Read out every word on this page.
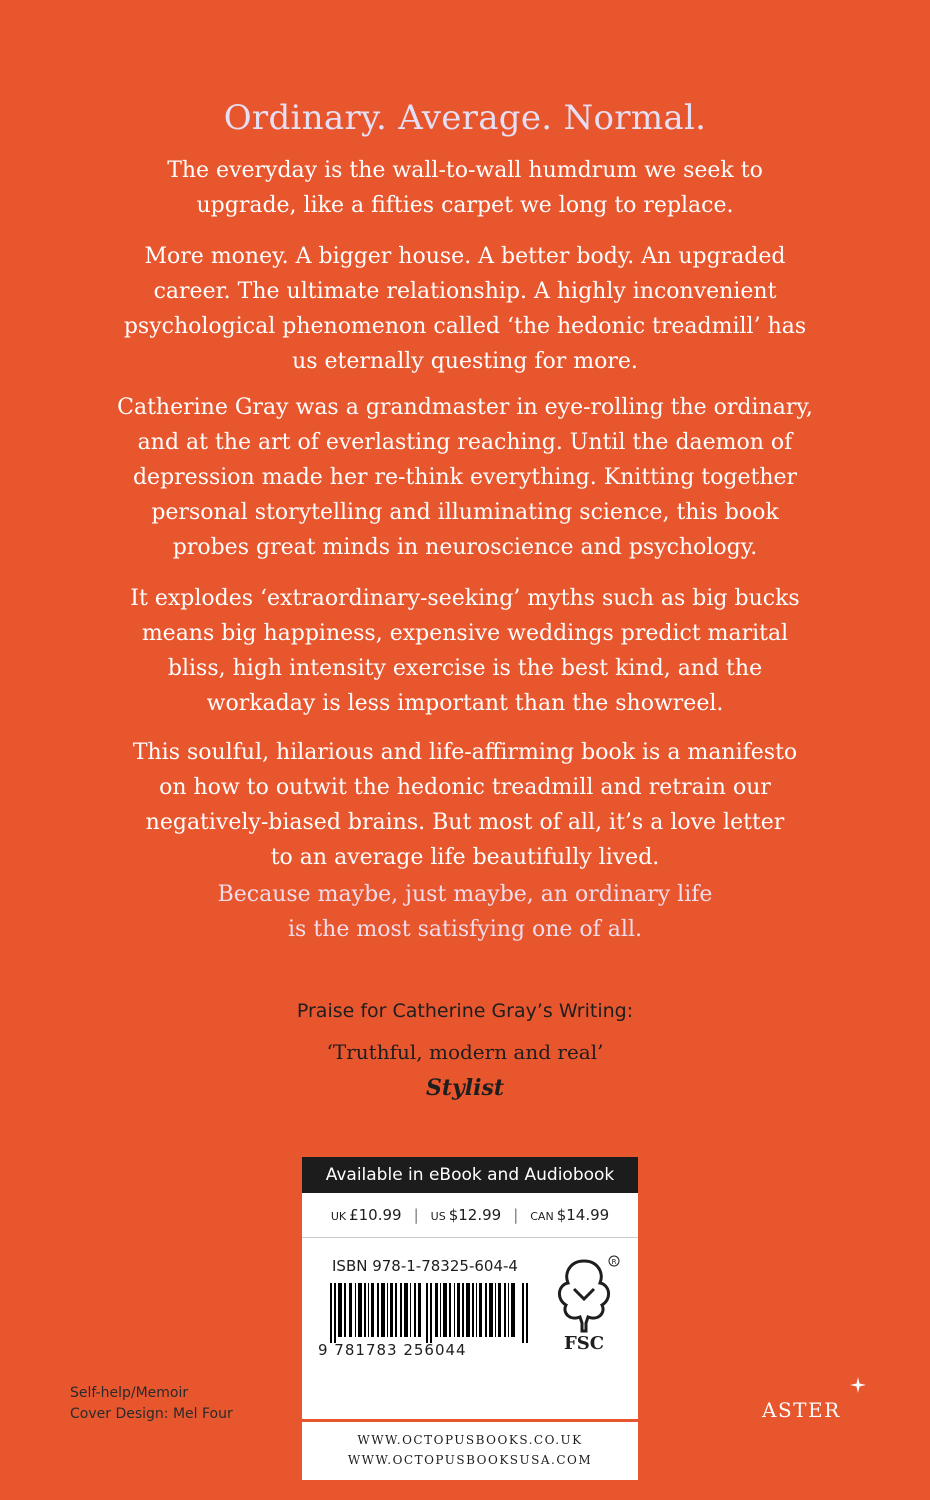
Ordinary. Average. Normal.
The everyday is the wall-to-wall humdrum we seek to
upgrade, like a fifties carpet we long to replace.
More money. A bigger house. A better body. An upgraded
career. The ultimate relationship. A highly inconvenient
psychological phenomenon called ‘the hedonic treadmill’ has
us eternally questing for more.
Catherine Gray was a grandmaster in eye-rolling the ordinary,
and at the art of everlasting reaching. Until the daemon of
depression made her re-think everything. Knitting together
personal storytelling and illuminating science, this book
probes great minds in neuroscience and psychology.
It explodes ‘extraordinary-seeking’ myths such as big bucks
means big happiness, expensive weddings predict marital
bliss, high intensity exercise is the best kind, and the
workaday is less important than the showreel.
This soulful, hilarious and life-affirming book is a manifesto
on how to outwit the hedonic treadmill and retrain our
negatively-biased brains. But most of all, it’s a love letter
to an average life beautifully lived.
Because maybe, just maybe, an ordinary life
is the most satisfying one of all.
Praise for Catherine Gray’s Writing:
‘Truthful, modern and real’
Stylist
Available in eBook and Audiobook
UK £10.99 | US $12.99 | CAN $14.99
ISBN 978-1-78325-604-4
9 781783 256044
R
FSC
WWW.OCTOPUSBOOKS.CO.UK
WWW.OCTOPUSBOOKSUSA.COM
Self-help/Memoir
Cover Design: Mel Four	ASTER
